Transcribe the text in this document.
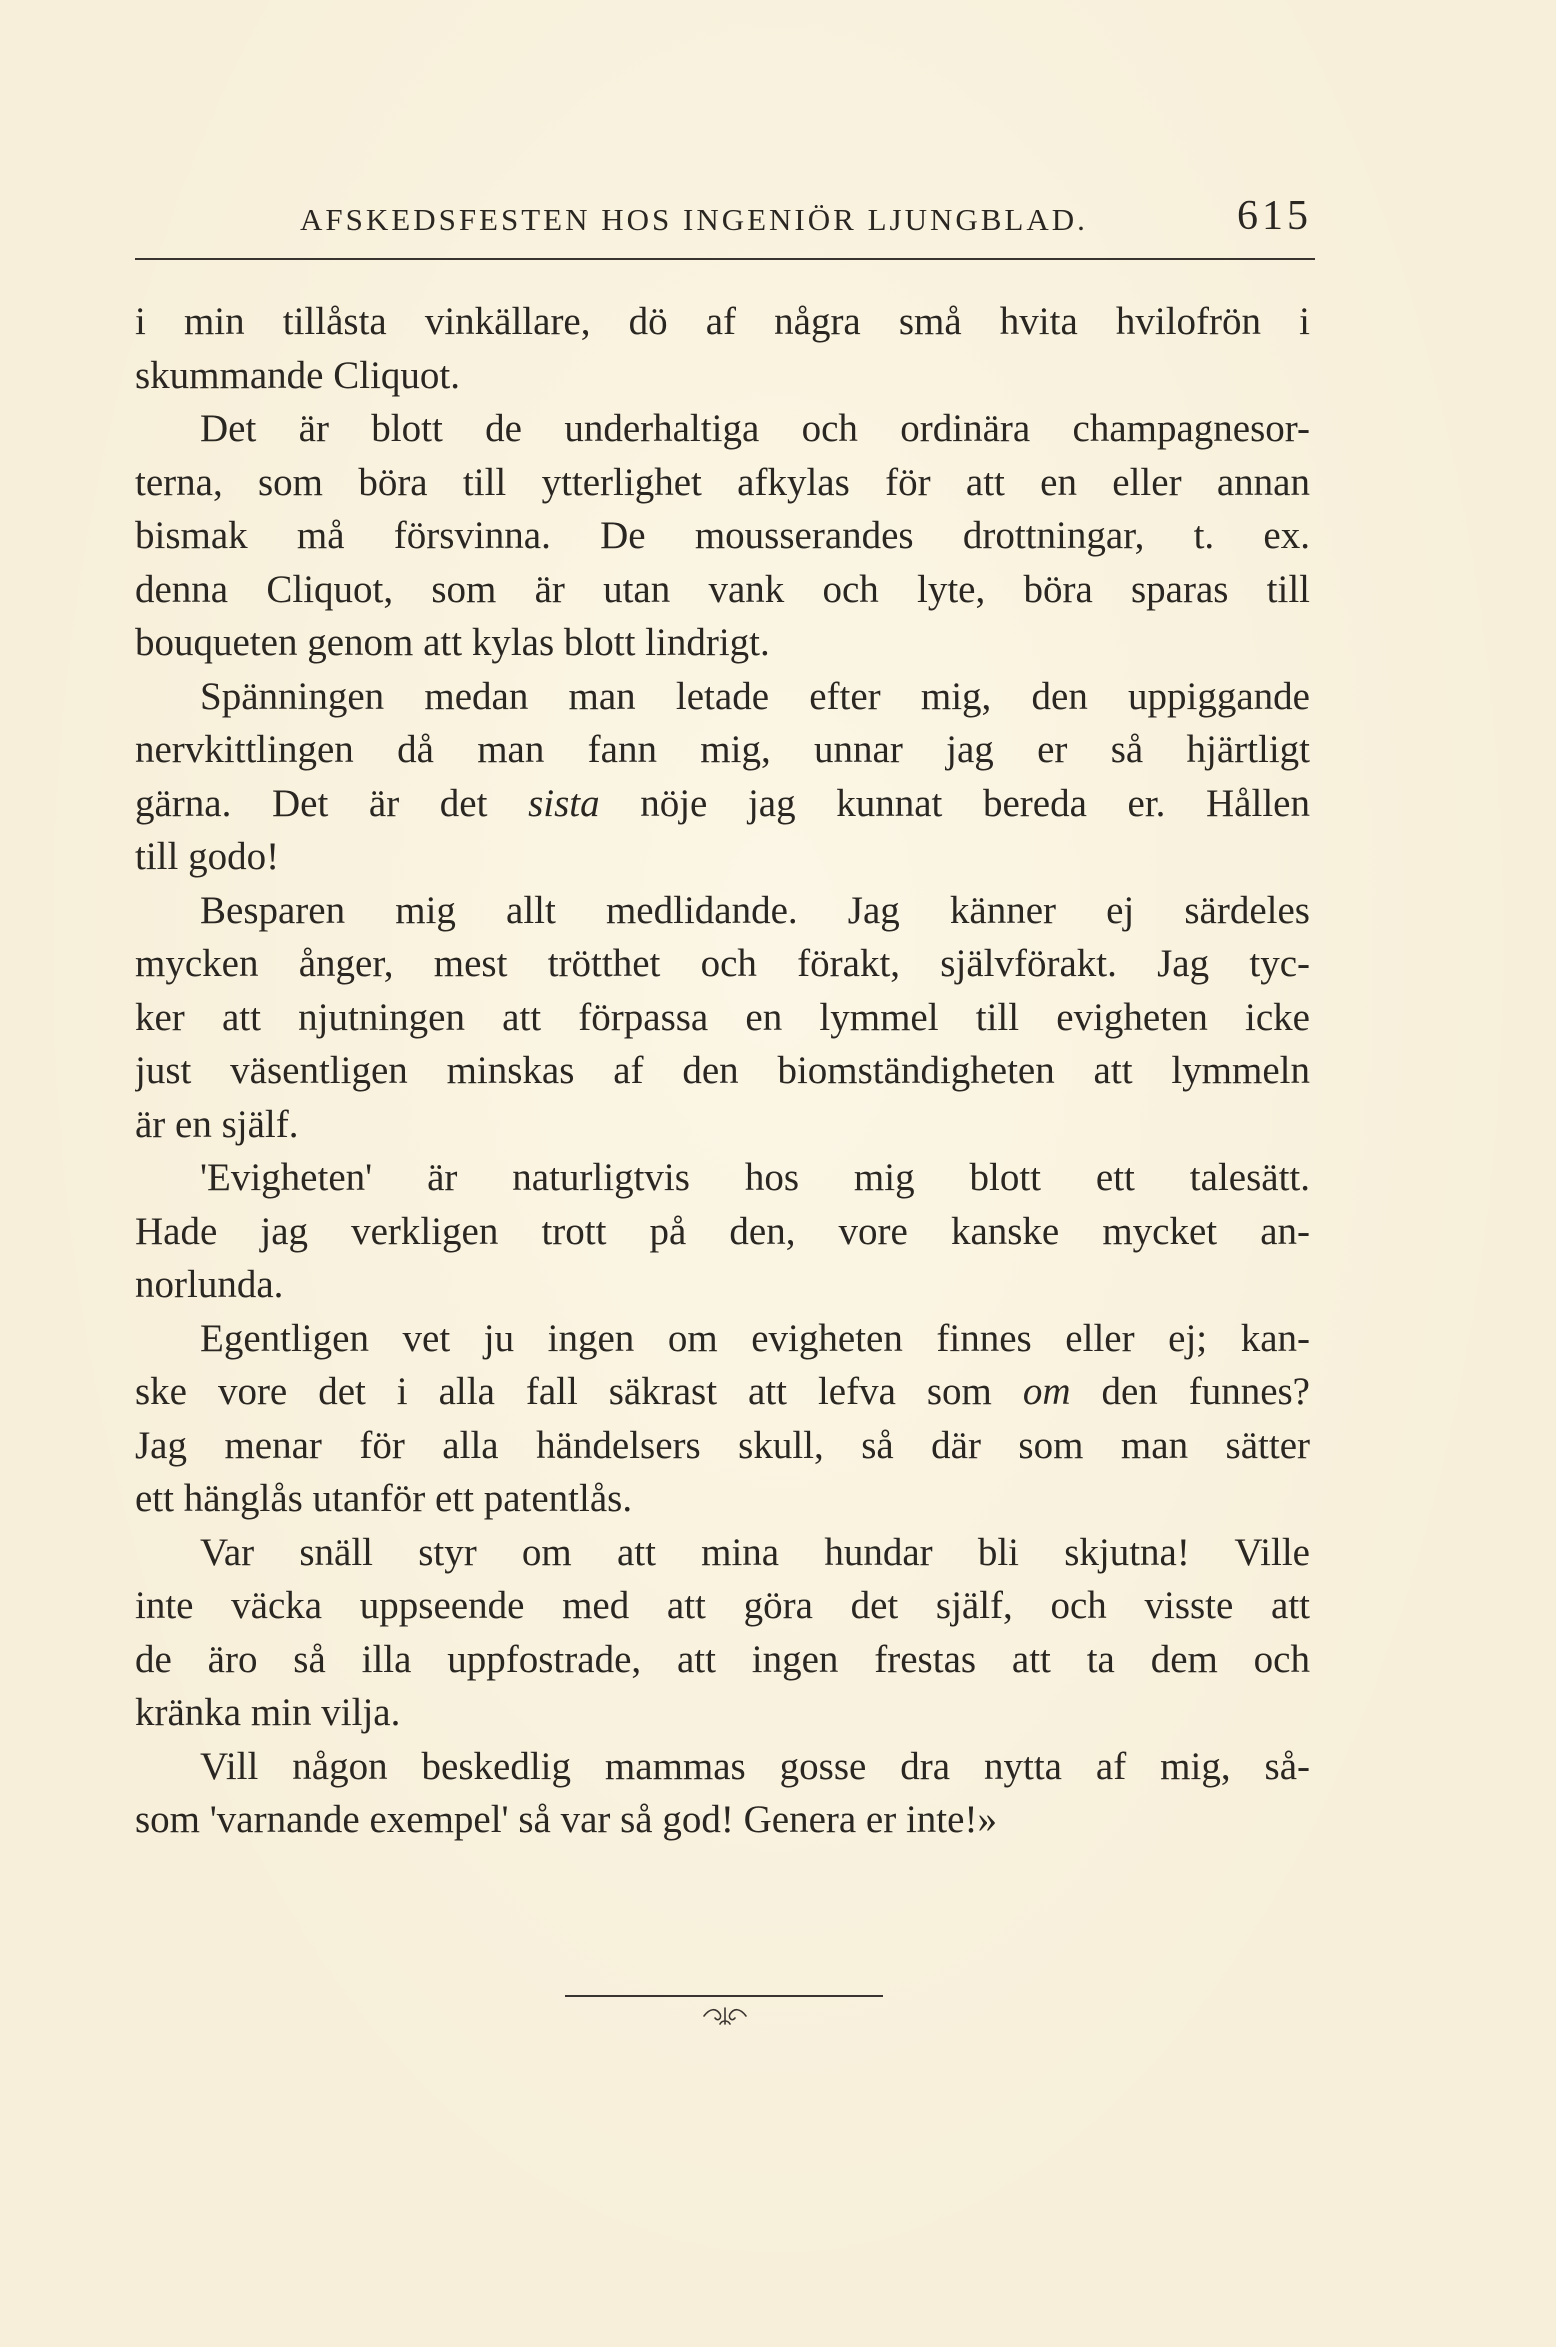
AFSKEDSFESTEN HOS INGENIÖR LJUNGBLAD.	615
i min tillåsta vinkällare, dö af några små hvita hvilofrön i
skummande Cliquot.
Det är blott de underhaltiga och ordinära champagnesor-
terna, som böra till ytterlighet afkylas för att en eller annan
bismak må försvinna. De mousserandes drottningar, t. ex.
denna Cliquot, som är utan vank och lyte, böra sparas till
bouqueten genom att kylas blott lindrigt.
Spänningen medan man letade efter mig, den uppiggande
nervkittlingen då man fann mig, unnar jag er så hjärtligt
gärna. Det är det sista nöje jag kunnat bereda er. Hållen
till godo!
Besparen mig allt medlidande. Jag känner ej särdeles
mycken ånger, mest trötthet och förakt, självförakt. Jag tyc-
ker att njutningen att förpassa en lymmel till evigheten icke
just väsentligen minskas af den biomständigheten att lymmeln
är en själf.
'Evigheten' är naturligtvis hos mig blott ett talesätt.
Hade jag verkligen trott på den, vore kanske mycket an-
norlunda.
Egentligen vet ju ingen om evigheten finnes eller ej; kan-
ske vore det i alla fall säkrast att lefva som om den funnes?
Jag menar för alla händelsers skull, så där som man sätter
ett hänglås utanför ett patentlås.
Var snäll styr om att mina hundar bli skjutna! Ville
inte väcka uppseende med att göra det själf, och visste att
de äro så illa uppfostrade, att ingen frestas att ta dem och
kränka min vilja.
Vill någon beskedlig mammas gosse dra nytta af mig, så-
som 'varnande exempel' så var så god! Genera er inte!»
